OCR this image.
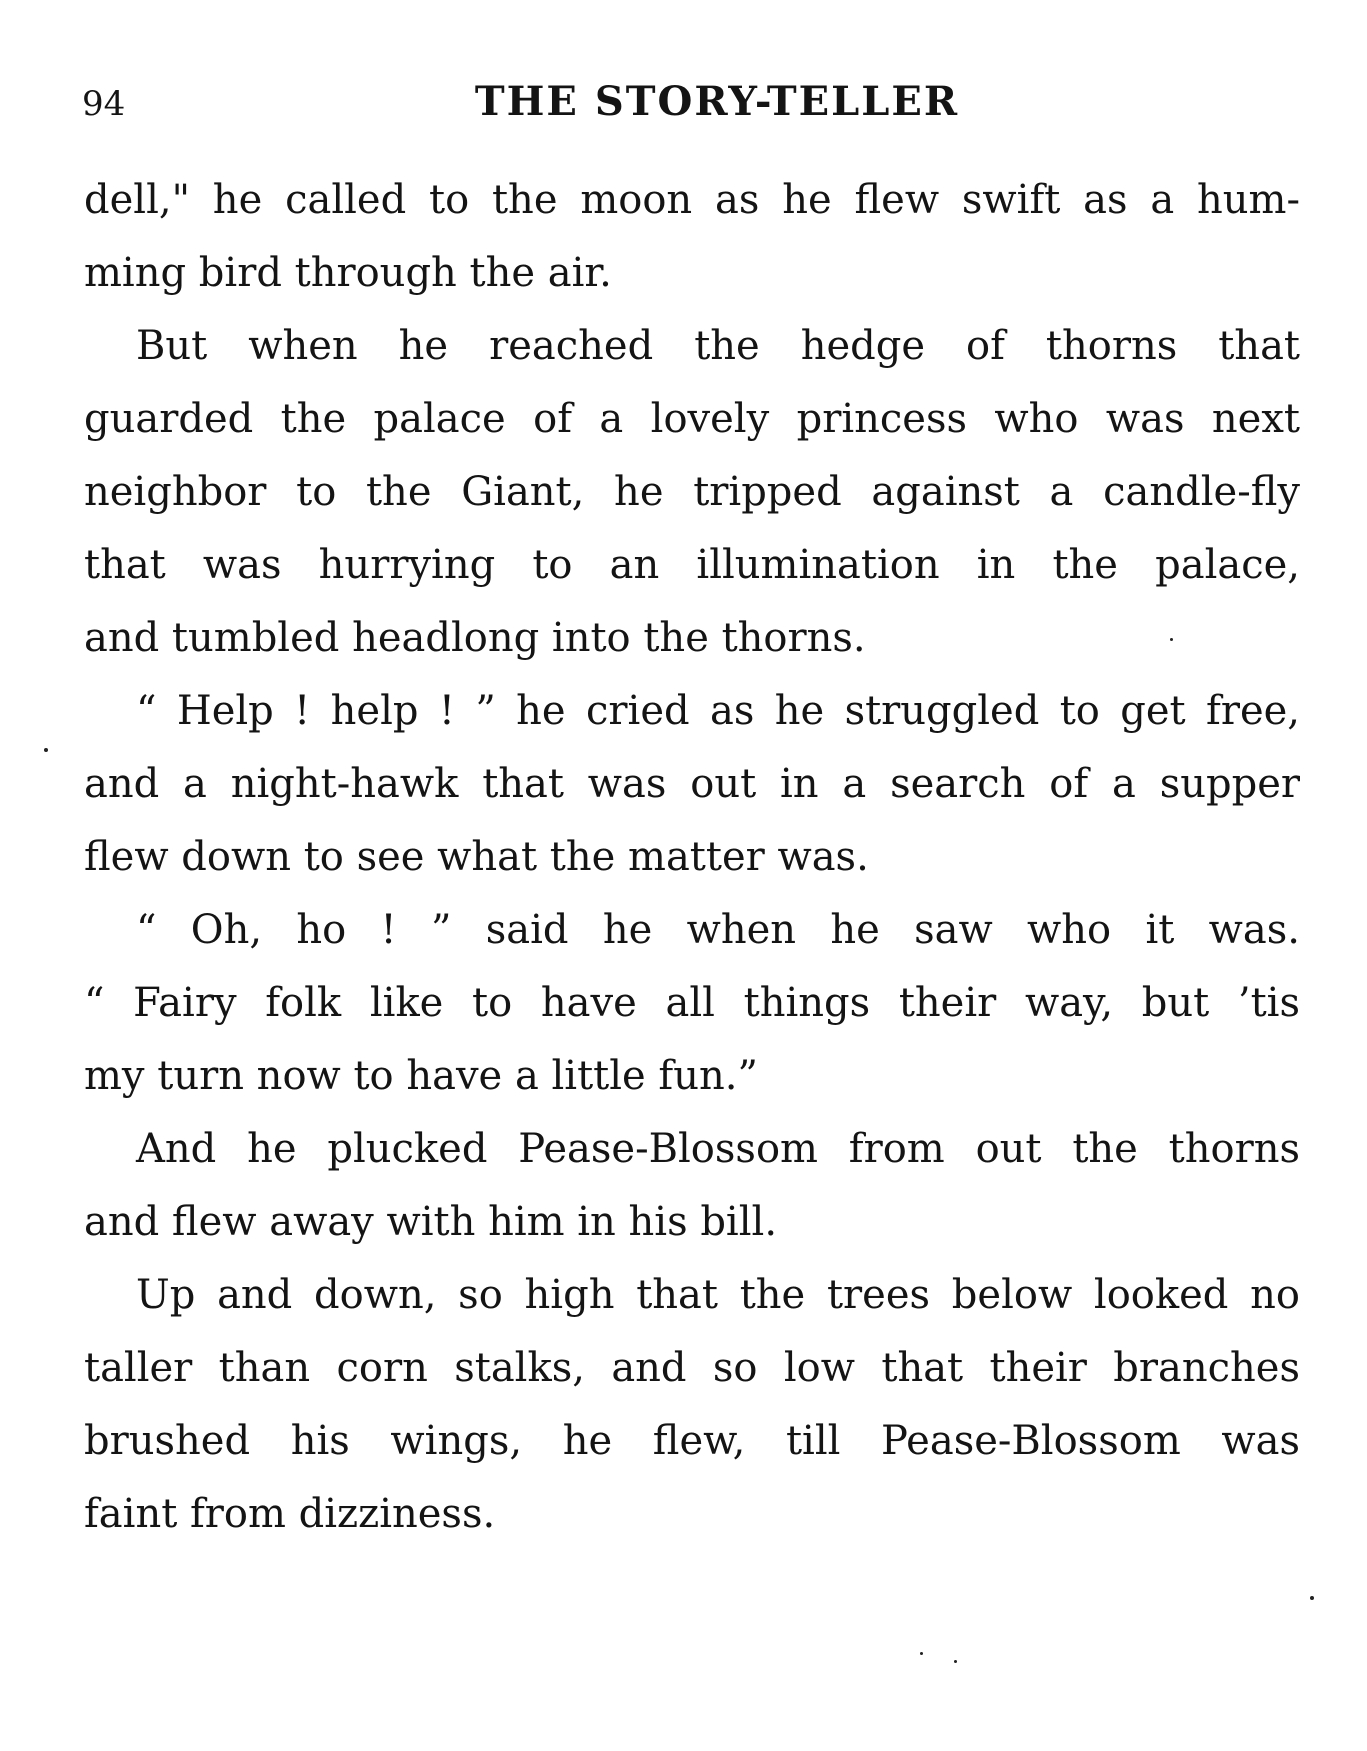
94	THE STORY-TELLER
dell," he called to the moon as he flew swift as a hum-
ming bird through the air.
But when he reached the hedge of thorns that
guarded the palace of a lovely princess who was next
neighbor to the Giant, he tripped against a candle-fly
that was hurrying to an illumination in the palace,
and tumbled headlong into the thorns.
“ Help ! help ! ” he cried as he struggled to get free,
and a night-hawk that was out in a search of a supper
flew down to see what the matter was.
“ Oh, ho ! ” said he when he saw who it was.
“ Fairy folk like to have all things their way, but ’tis
my turn now to have a little fun.”
And he plucked Pease-Blossom from out the thorns
and flew away with him in his bill.
Up and down, so high that the trees below looked no
taller than corn stalks, and so low that their branches
brushed his wings, he flew, till Pease-Blossom was
faint from dizziness.
